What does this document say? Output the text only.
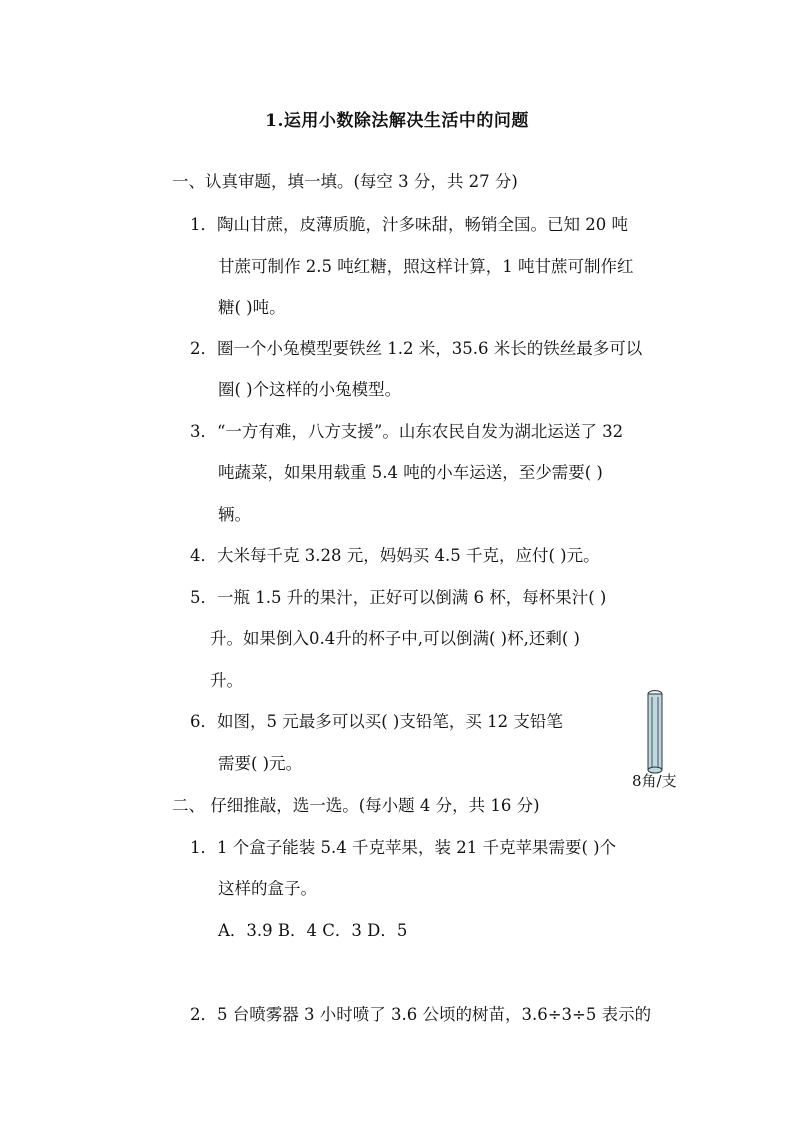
1.运用小数除法解决生活中的问题
一、认真审题，填一填。(每空 3 分，共 27 分)
1．陶山甘蔗，皮薄质脆，汁多味甜，畅销全国。已知 20 吨
甘蔗可制作 2.5 吨红糖，照这样计算，1 吨甘蔗可制作红
糖( )吨。
2．圈一个小兔模型要铁丝 1.2 米，35.6 米长的铁丝最多可以
圈( )个这样的小兔模型。
3．“一方有难，八方支援”。山东农民自发为湖北运送了 32
吨蔬菜，如果用载重 5.4 吨的小车运送，至少需要( )
辆。
4．大米每千克 3.28 元，妈妈买 4.5 千克，应付( )元。
5．一瓶 1.5 升的果汁，正好可以倒满 6 杯，每杯果汁( )
升。如果倒入0.4升的杯子中,可以倒满( )杯,还剩( )
升。
6．如图，5 元最多可以买( )支铅笔，买 12 支铅笔
需要( )元。
8角/支
二、 仔细推敲，选一选。(每小题 4 分，共 16 分)
1．1 个盒子能装 5.4 千克苹果，装 21 千克苹果需要( )个
这样的盒子。
A．3.9 B．4 C．3 D．5
2．5 台喷雾器 3 小时喷了 3.6 公顷的树苗，3.6÷3÷5 表示的
